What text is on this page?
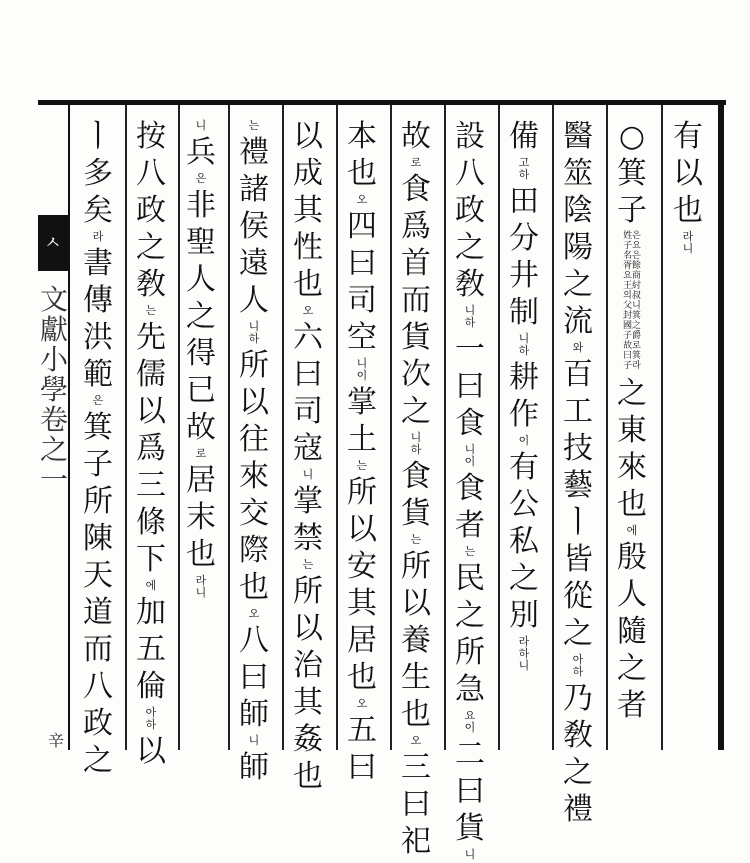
ㅅ
文獻小學卷之一
辛
有以也
라니
○箕子
姓은子요名은胥餘요商王紂의叔父니封箕國之子爵故로曰箕子라
之東來也
에
殷人隨之者
醫筮陰陽之流
와
百工技藝ㅣ皆從之
아하
乃敎之禮
備
고하
田分井制
니하
耕作
이
有公私之別
라하니
設八政之敎
니하
一曰食
니이
食者
는
民之所急
요이
二曰貨
니
故
로
食爲首而貨次之
니하
食貨
는
所以養生也
오
三曰祀
本也
오
四曰司空
니이
掌土
는
所以安其居也
오
五曰
以成其性也
오
六曰司寇
니
掌禁
는
所以治其姦也
는
禮諸侯遠人
니하
所以往來交際也
오
八曰師
니
師
니
兵
은
非聖人之得已故
로
居末也
라니
按八政之敎
는
先儒以爲三條下
에
加五倫
아하
以
ㅣ多矣
라
書傳洪範
은
箕子所陳天道而八政之
